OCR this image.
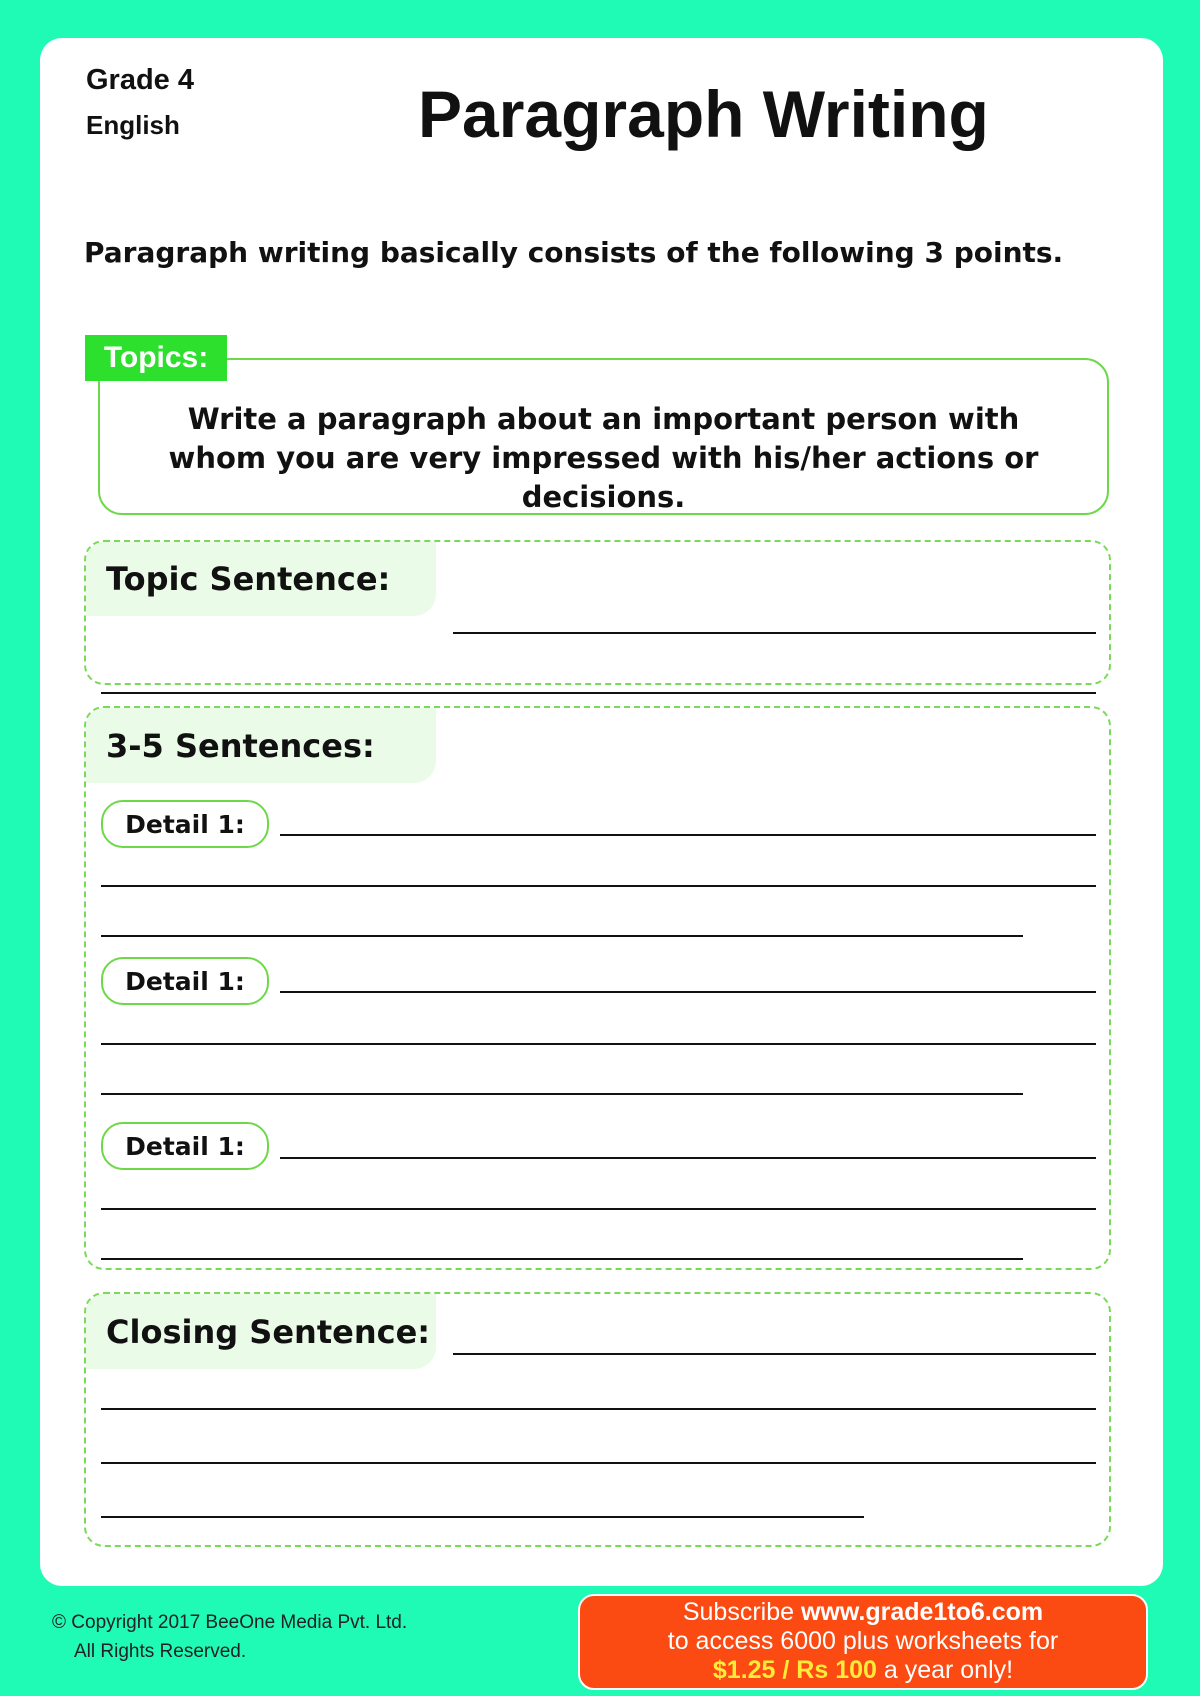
Grade 4
English	Paragraph Writing
Paragraph writing basically consists of the following 3 points.
Write a paragraph about an important person with
whom you are very impressed with his/her actions or decisions.
Topics:
Topic Sentence:
3-5 Sentences:
Detail 1:
Detail 1:
Detail 1:
Closing Sentence:
© Copyright 2017 BeeOne Media Pvt. Ltd.
All Rights Reserved.
Subscribe www.grade1to6.com
to access 6000 plus worksheets for
$1.25 / Rs 100 a year only!
